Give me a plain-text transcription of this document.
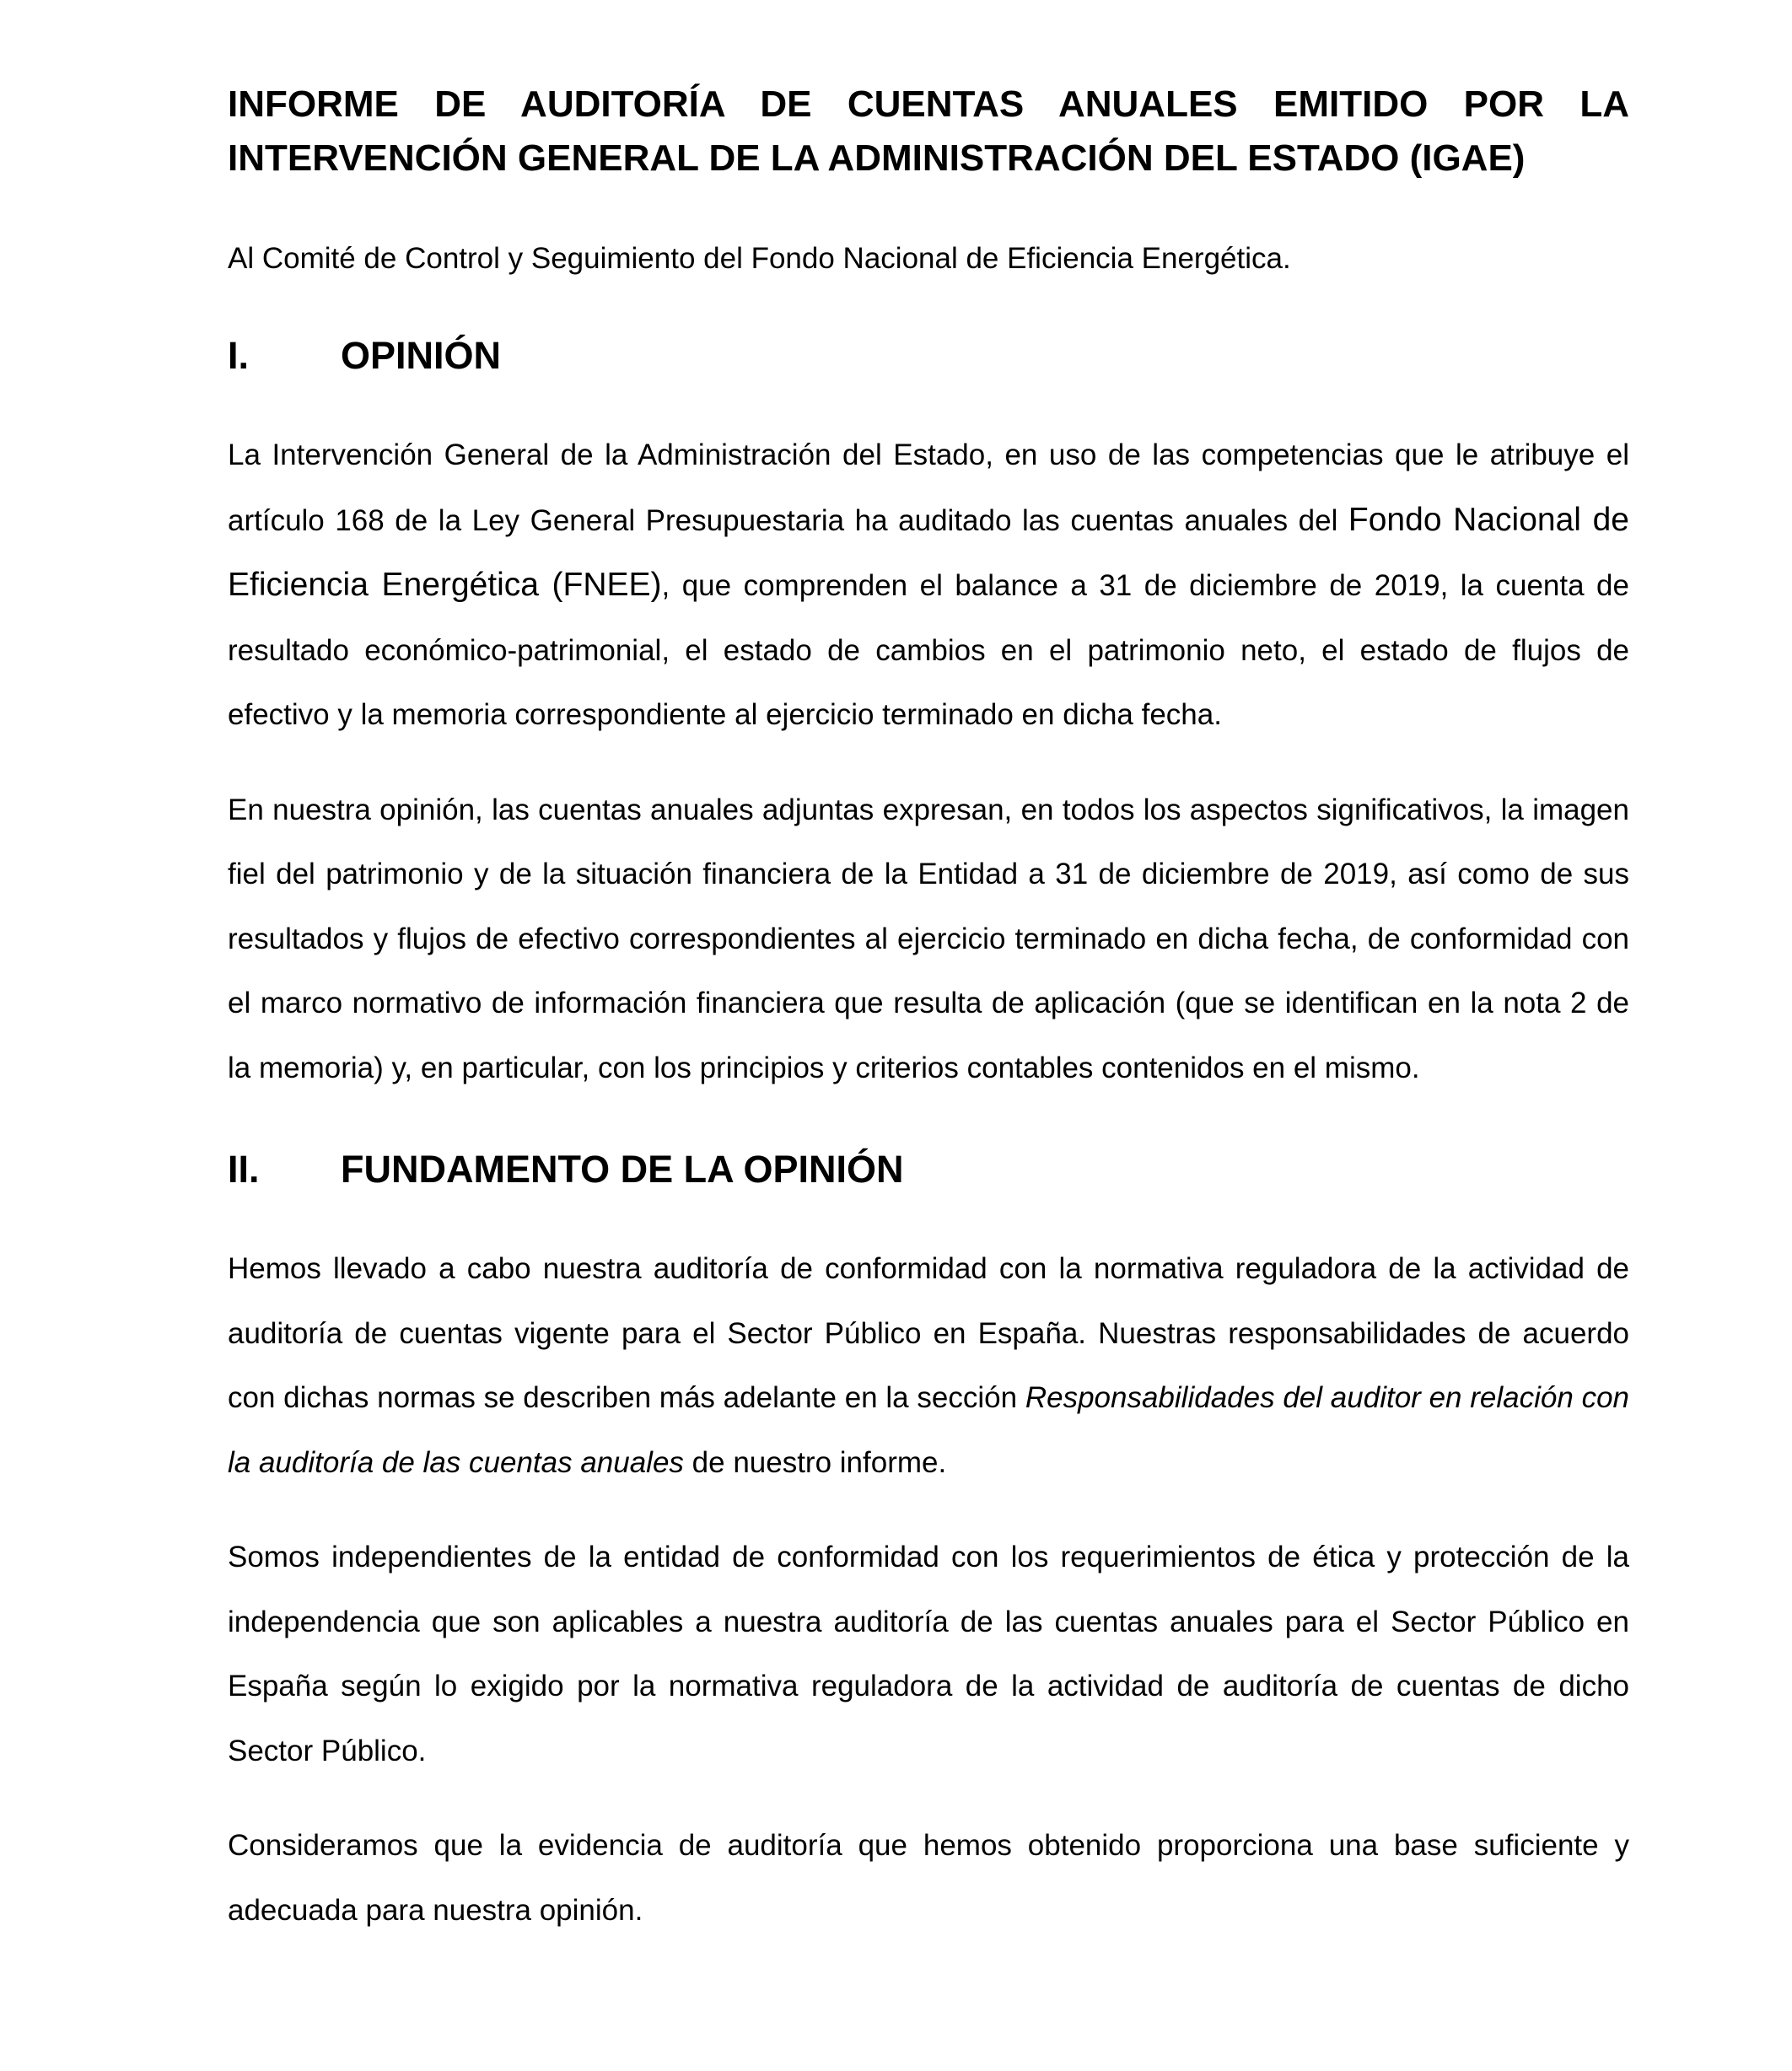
INFORME DE AUDITORÍA DE CUENTAS ANUALES EMITIDO POR LA
INTERVENCIÓN GENERAL DE LA ADMINISTRACIÓN DEL ESTADO (IGAE)

Al Comité de Control y Seguimiento del Fondo Nacional de Eficiencia Energética.

I.	OPINIÓN

La Intervención General de la Administración del Estado, en uso de las competencias que le atribuye el artículo 168 de la Ley General Presupuestaria ha auditado las cuentas anuales del Fondo Nacional de Eficiencia Energética (FNEE), que comprenden el balance a 31 de diciembre de 2019, la cuenta de resultado económico-patrimonial, el estado de cambios en el patrimonio neto, el estado de flujos de efectivo y la memoria correspondiente al ejercicio terminado en dicha fecha.

En nuestra opinión, las cuentas anuales adjuntas expresan, en todos los aspectos significativos, la imagen fiel del patrimonio y de la situación financiera de la Entidad a 31 de diciembre de 2019, así como de sus resultados y flujos de efectivo correspondientes al ejercicio terminado en dicha fecha, de conformidad con el marco normativo de información financiera que resulta de aplicación (que se identifican en la nota 2 de la memoria) y, en particular, con los principios y criterios contables contenidos en el mismo.

II.	FUNDAMENTO DE LA OPINIÓN

Hemos llevado a cabo nuestra auditoría de conformidad con la normativa reguladora de la actividad de auditoría de cuentas vigente para el Sector Público en España. Nuestras responsabilidades de acuerdo con dichas normas se describen más adelante en la sección Responsabilidades del auditor en relación con la auditoría de las cuentas anuales de nuestro informe.

Somos independientes de la entidad de conformidad con los requerimientos de ética y protección de la independencia que son aplicables a nuestra auditoría de las cuentas anuales para el Sector Público en España según lo exigido por la normativa reguladora de la actividad de auditoría de cuentas de dicho Sector Público.

Consideramos que la evidencia de auditoría que hemos obtenido proporciona una base suficiente y adecuada para nuestra opinión.
